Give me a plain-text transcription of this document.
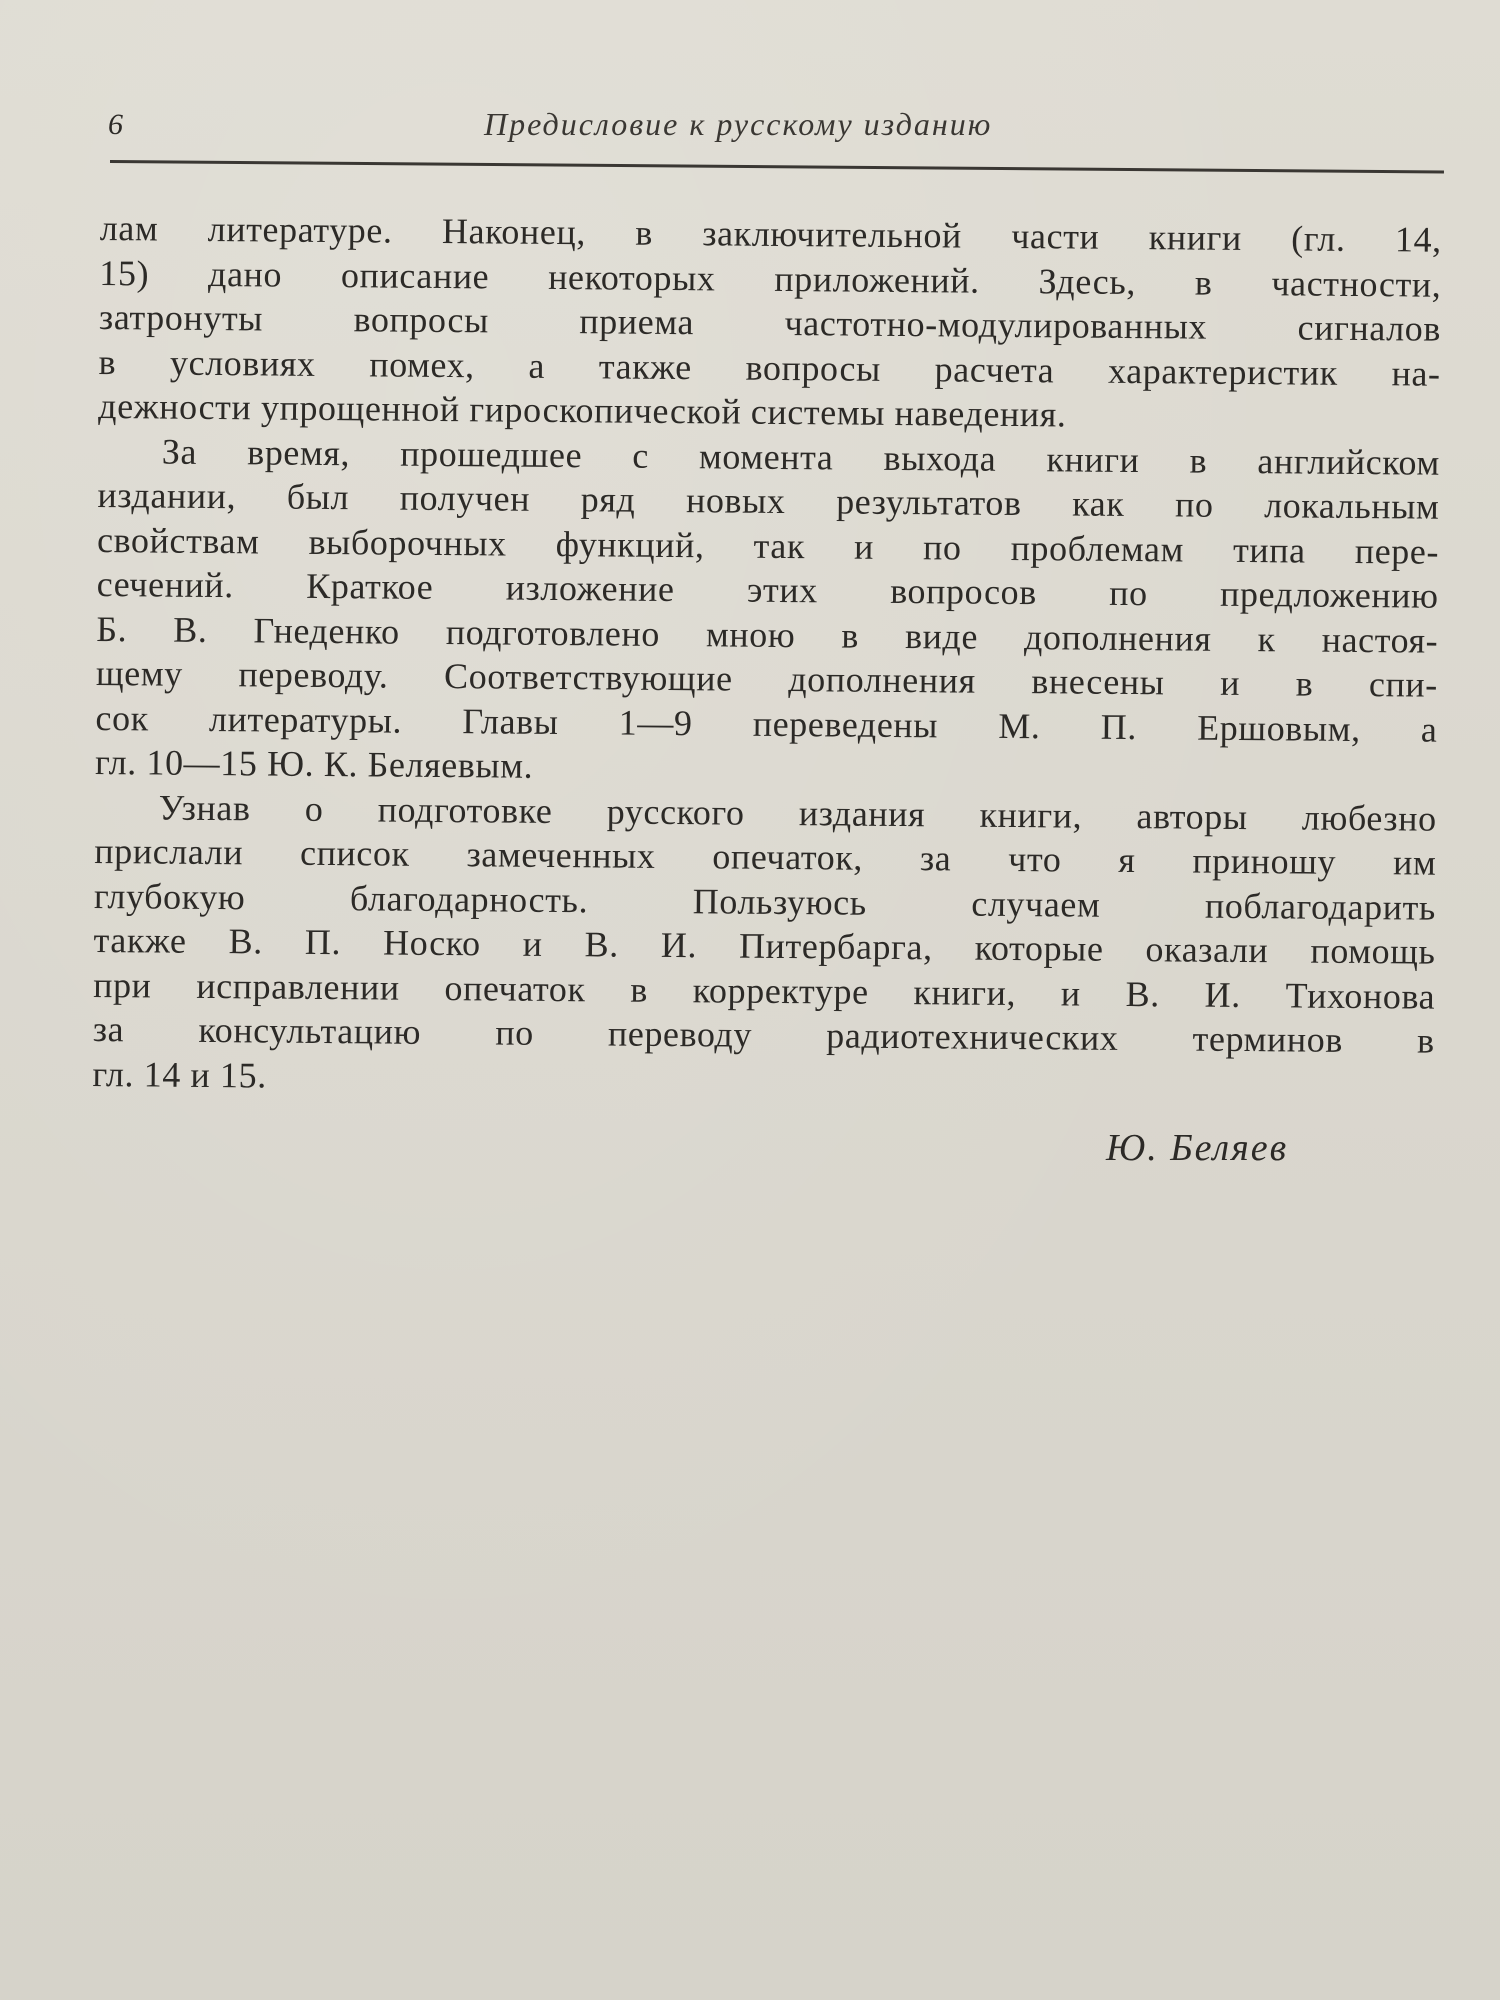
6	Предисловие к русскому изданию
лам литературе. Наконец, в заключительной части книги (гл. 14,
15) дано описание некоторых приложений. Здесь, в частности,
затронуты вопросы приема частотно-модулированных сигналов
в условиях помех, а также вопросы расчета характеристик на-
дежности упрощенной гироскопической системы наведения.
За время, прошедшее с момента выхода книги в английском
издании, был получен ряд новых результатов как по локальным
свойствам выборочных функций, так и по проблемам типа пере-
сечений. Краткое изложение этих вопросов по предложению
Б. В. Гнеденко подготовлено мною в виде дополнения к настоя-
щему переводу. Соответствующие дополнения внесены и в спи-
сок литературы. Главы 1—9 переведены М. П. Ершовым, а
гл. 10—15 Ю. К. Беляевым.
Узнав о подготовке русского издания книги, авторы любезно
прислали список замеченных опечаток, за что я приношу им
глубокую благодарность. Пользуюсь случаем поблагодарить
также В. П. Носко и В. И. Питербарга, которые оказали помощь
при исправлении опечаток в корректуре книги, и В. И. Тихонова
за консультацию по переводу радиотехнических терминов в
гл. 14 и 15.
Ю. Беляев
